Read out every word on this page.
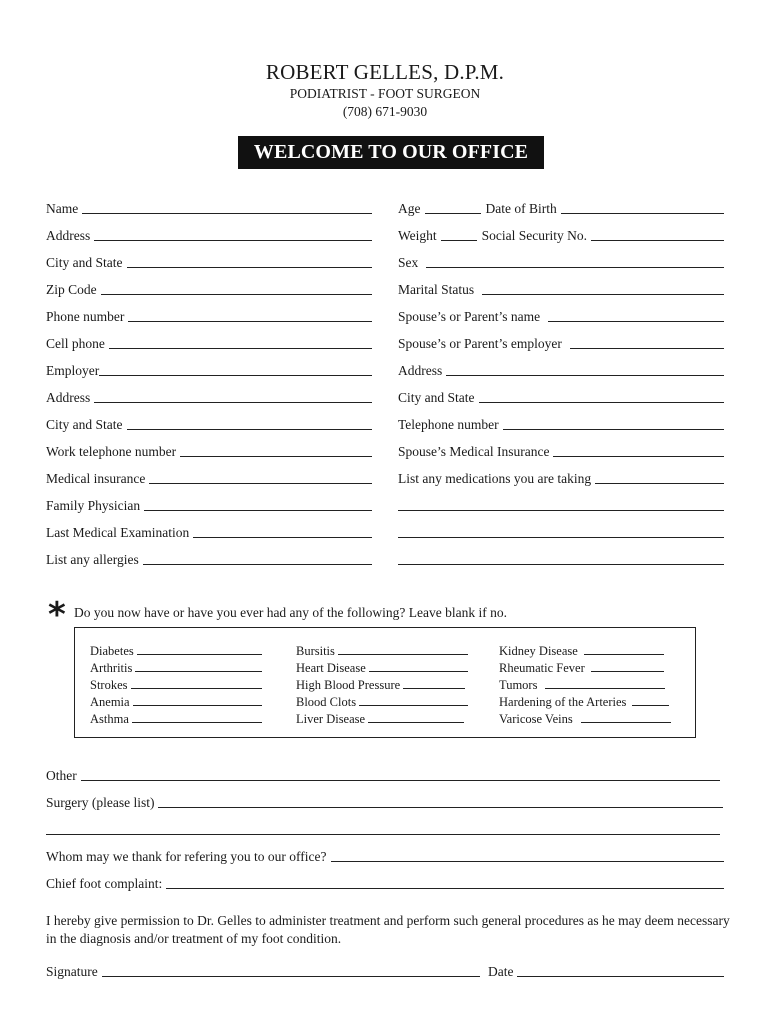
ROBERT GELLES, D.P.M.
PODIATRIST - FOOT SURGEON
(708) 671-9030
WELCOME TO OUR OFFICE
Name
Address
City and State
Zip Code
Phone number
Cell phone
Employer
Address
City and State
Work telephone number
Medical insurance
Family Physician
Last Medical Examination
List any allergies
Age	Date of Birth
Weight	Social Security No.
Sex
Marital Status
Spouse’s or Parent’s name
Spouse’s or Parent’s employer
Address
City and State
Telephone number
Spouse’s Medical Insurance
List any medications you are taking
* Do you now have or have you ever had any of the following? Leave blank if no.
Diabetes
Arthritis
Strokes
Anemia
Asthma
Bursitis
Heart Disease
High Blood Pressure
Blood Clots
Liver Disease
Kidney Disease
Rheumatic Fever
Tumors
Hardening of the Arteries
Varicose Veins
Other
Surgery (please list)
Whom may we thank for refering you to our office?
Chief foot complaint:
I hereby give permission to Dr. Gelles to administer treatment and perform such general procedures as he may deem necessary in the diagnosis and/or treatment of my foot condition.
Signature	Date
